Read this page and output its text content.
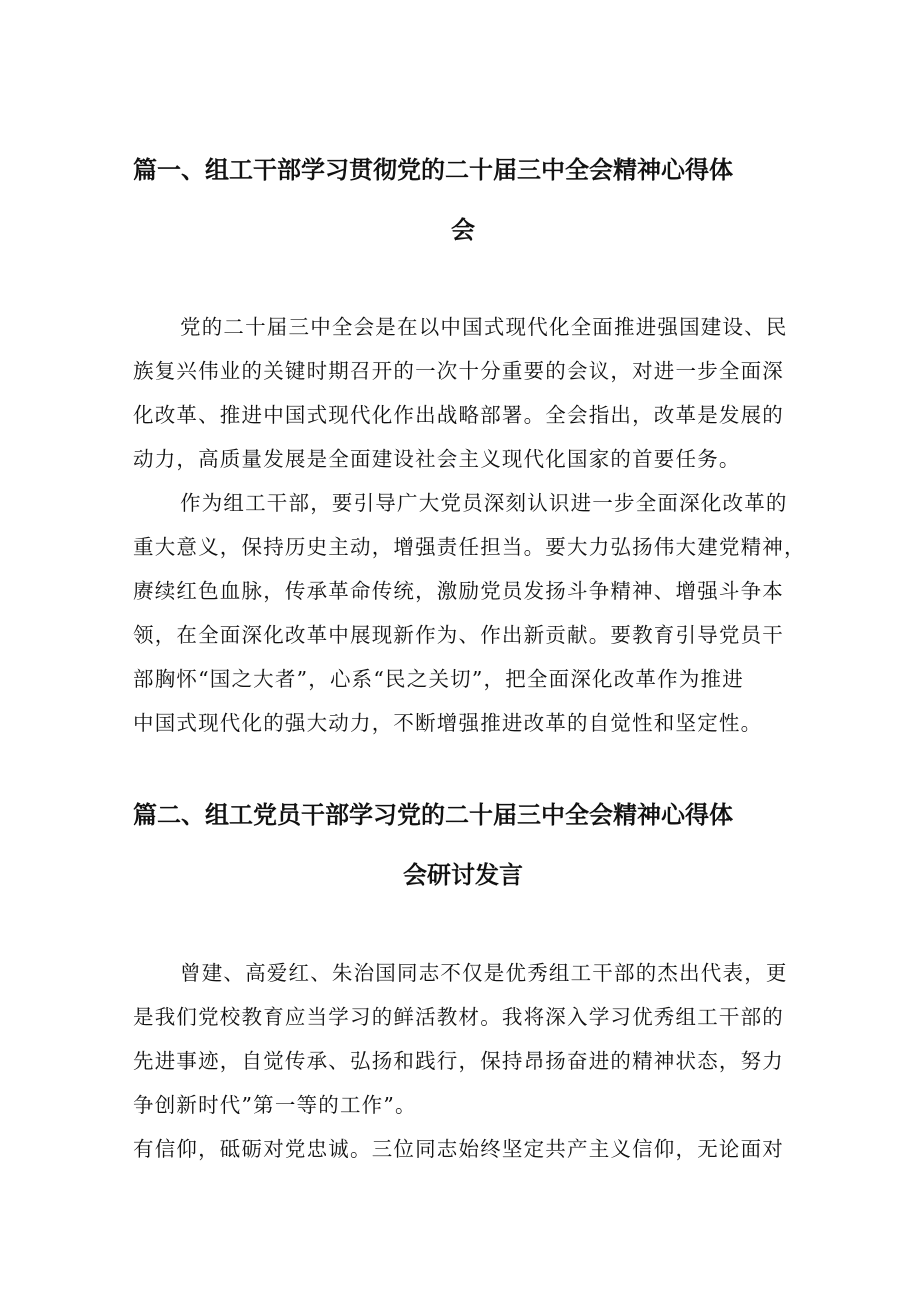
篇一、组工干部学习贯彻党的二十届三中全会精神心得体
会
党的二十届三中全会是在以中国式现代化全面推进强国建设、民
族复兴伟业的关键时期召开的一次十分重要的会议，对进一步全面深
化改革、推进中国式现代化作出战略部署。全会指出，改革是发展的
动力，高质量发展是全面建设社会主义现代化国家的首要任务。
作为组工干部，要引导广大党员深刻认识进一步全面深化改革的
重大意义，保持历史主动，增强责任担当。要大力弘扬伟大建党精神，
赓续红色血脉，传承革命传统，激励党员发扬斗争精神、增强斗争本
领，在全面深化改革中展现新作为、作出新贡献。要教育引导党员干
部胸怀“国之大者”，心系“民之关切”，把全面深化改革作为推进
中国式现代化的强大动力，不断增强推进改革的自觉性和坚定性。
篇二、组工党员干部学习党的二十届三中全会精神心得体
会研讨发言
曾建、高爱红、朱治国同志不仅是优秀组工干部的杰出代表，更
是我们党校教育应当学习的鲜活教材。我将深入学习优秀组工干部的
先进事迹，自觉传承、弘扬和践行，保持昂扬奋进的精神状态，努力
争创新时代”第一等的工作”。
有信仰，砥砺对党忠诚。三位同志始终坚定共产主义信仰，无论面对
